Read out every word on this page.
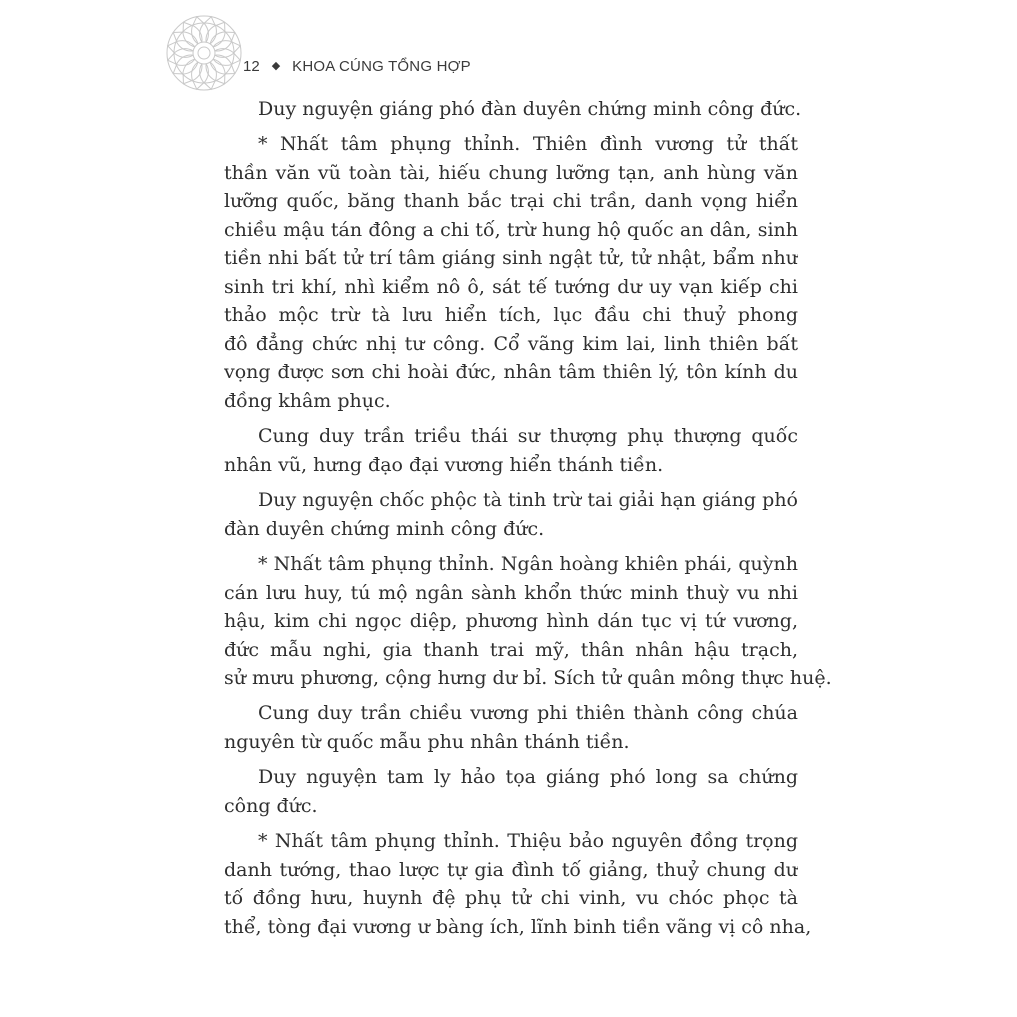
12 ◆ KHOA CÚNG TỔNG HỢP
Duy nguyện giáng phó đàn duyên chứng minh công đức.
* Nhất tâm phụng thỉnh. Thiên đình vương tử thất
thần văn vũ toàn tài, hiếu chung lưỡng tạn, anh hùng văn
lưỡng quốc, băng thanh bắc trại chi trần, danh vọng hiển
chiều mậu tán đông a chi tố, trừ hung hộ quốc an dân, sinh
tiền nhi bất tử trí tâm giáng sinh ngật tử, tử nhật, bẩm như
sinh tri khí, nhì kiểm nô ô, sát tế tướng dư uy vạn kiếp chi
thảo mộc trừ tà lưu hiển tích, lục đầu chi thuỷ phong
đô đẳng chức nhị tư công. Cổ vãng kim lai, linh thiên bất
vọng được sơn chi hoài đức, nhân tâm thiên lý, tôn kính du
đồng khâm phục.
Cung duy trần triều thái sư thượng phụ thượng quốc
nhân vũ, hưng đạo đại vương hiển thánh tiền.
Duy nguyện chốc phộc tà tinh trừ tai giải hạn giáng phó
đàn duyên chứng minh công đức.
* Nhất tâm phụng thỉnh. Ngân hoàng khiên phái, quỳnh
cán lưu huy, tú mộ ngân sành khổn thức minh thuỳ vu nhi
hậu, kim chi ngọc diệp, phương hình dán tục vị tứ vương,
đức mẫu nghi, gia thanh trai mỹ, thân nhân hậu trạch,
sử mưu phương, cộng hưng dư bỉ. Sích tử quân mông thực huệ.
Cung duy trần chiều vương phi thiên thành công chúa
nguyên từ quốc mẫu phu nhân thánh tiền.
Duy nguyện tam ly hảo tọa giáng phó long sa chứng
công đức.
* Nhất tâm phụng thỉnh. Thiệu bảo nguyên đồng trọng
danh tướng, thao lược tự gia đình tố giảng, thuỷ chung dư
tố đồng hưu, huynh đệ phụ tử chi vinh, vu chóc phọc tà
thể, tòng đại vương ư bàng ích, lĩnh binh tiền vãng vị cô nha,
